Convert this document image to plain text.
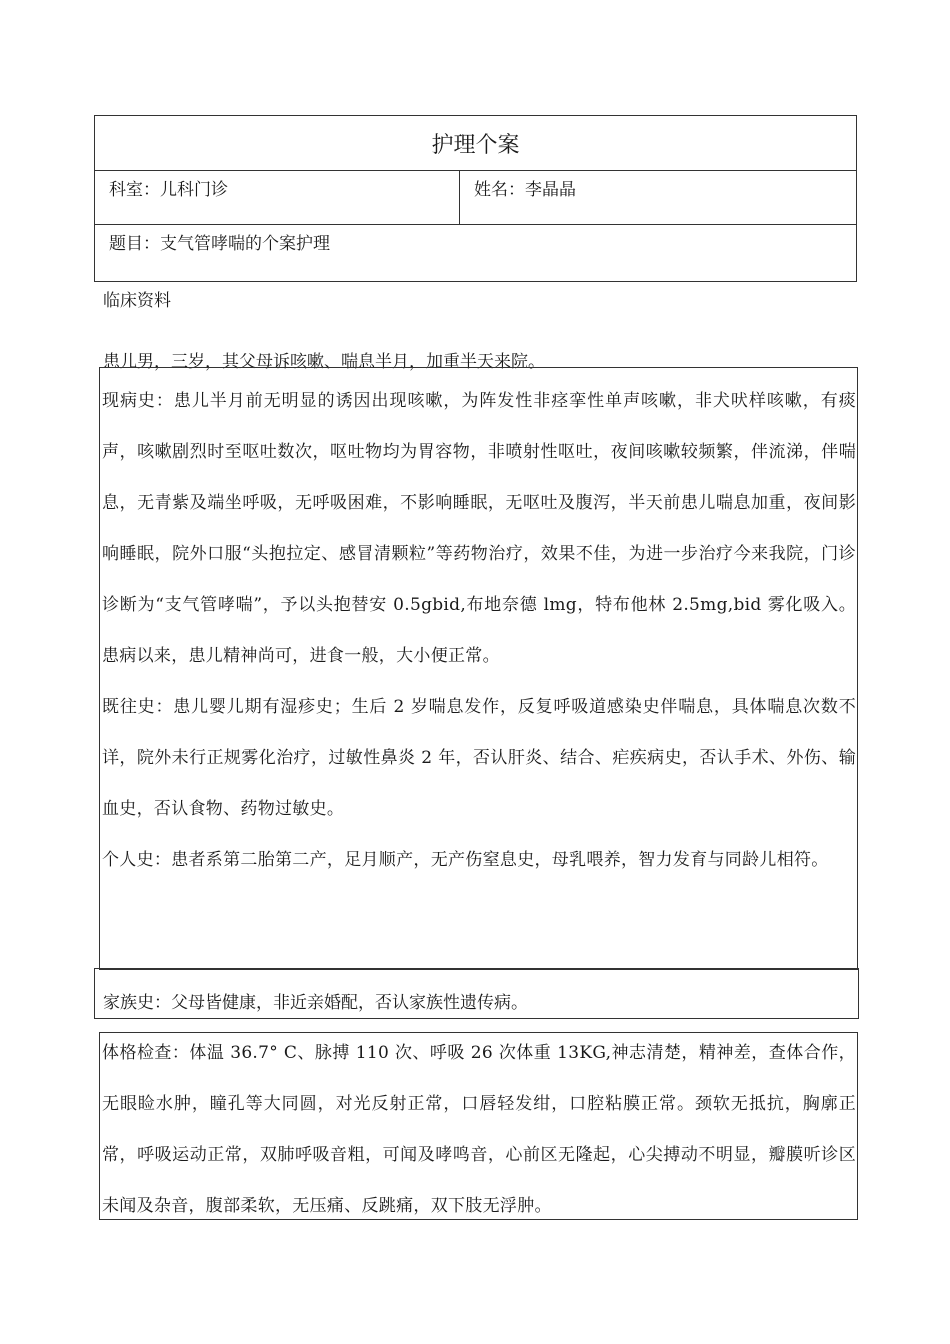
护理个案
科室：儿科门诊	姓名：李晶晶
题目：支气管哮喘的个案护理
临床资料
患儿男，三岁，其父母诉咳嗽、喘息半月，加重半天来院。

现病史：患儿半月前无明显的诱因出现咳嗽，为阵发性非痉挛性单声咳嗽，非犬吠样咳嗽，有痰声，咳嗽剧烈时至呕吐数次，呕吐物均为胃容物，非喷射性呕吐，夜间咳嗽较频繁，伴流涕，伴喘息，无青紫及端坐呼吸，无呼吸困难，不影响睡眠，无呕吐及腹泻，半天前患儿喘息加重，夜间影响睡眠，院外口服“头抱拉定、感冒清颗粒”等药物治疗，效果不佳，为进一步治疗今来我院，门诊诊断为“支气管哮喘”，予以头抱替安 0.5gbid,布地奈德 lmg，特布他林 2.5mg,bid 雾化吸入。患病以来，患儿精神尚可，进食一般，大小便正常。

既往史：患儿婴儿期有湿疹史；生后 2 岁喘息发作，反复呼吸道感染史伴喘息，具体喘息次数不详，院外未行正规雾化治疗，过敏性鼻炎 2 年，否认肝炎、结合、疟疾病史，否认手术、外伤、输血史，否认食物、药物过敏史。

个人史：患者系第二胎第二产，足月顺产，无产伤窒息史，母乳喂养，智力发育与同龄儿相符。

家族史：父母皆健康，非近亲婚配，否认家族性遗传病。

体格检查：体温 36.7° C、脉搏 110 次、呼吸 26 次体重 13KG,神志清楚，精神差，查体合作，无眼睑水肿，瞳孔等大同圆，对光反射正常，口唇轻发绀，口腔粘膜正常。颈软无抵抗，胸廓正常，呼吸运动正常，双肺呼吸音粗，可闻及哮鸣音，心前区无隆起，心尖搏动不明显，瓣膜听诊区未闻及杂音，腹部柔软，无压痛、反跳痛，双下肢无浮肿。
